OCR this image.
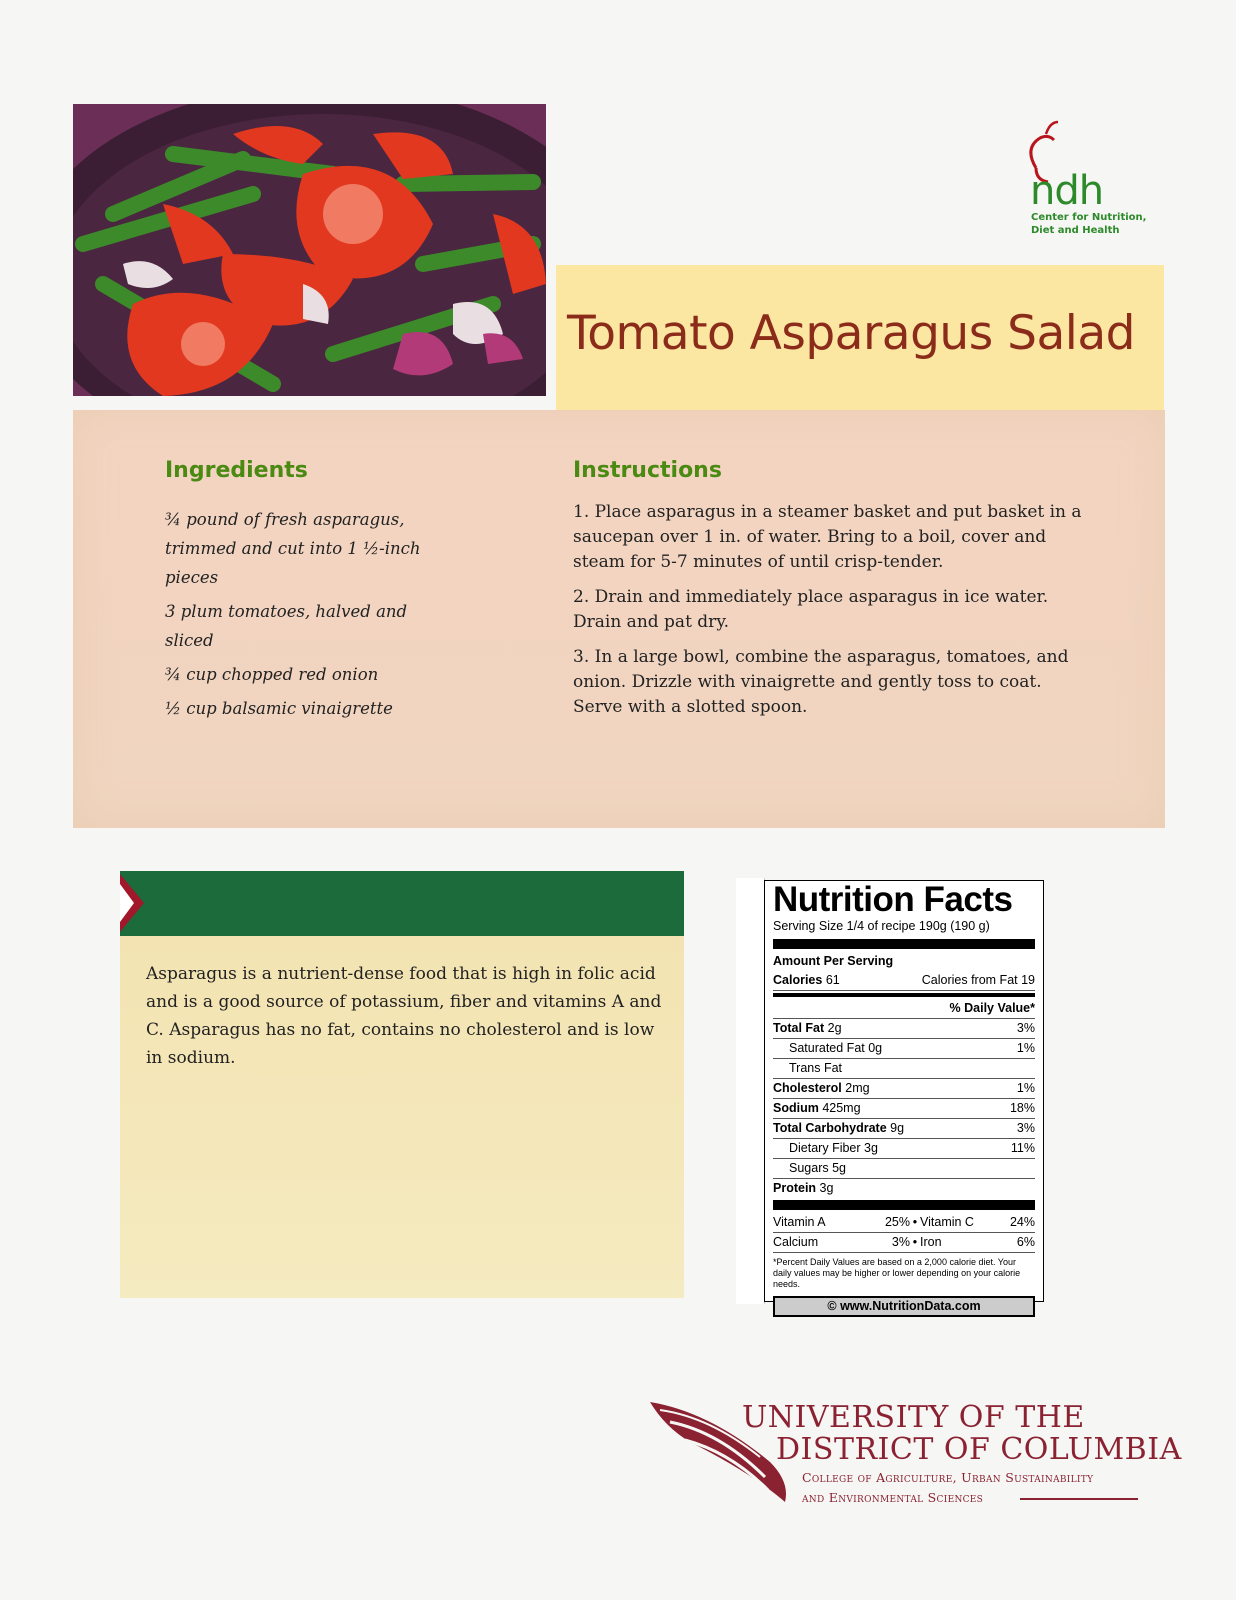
ndh
Center for Nutrition,
Diet and Health
Tomato Asparagus Salad
Ingredients
¾ pound of fresh asparagus, trimmed and cut into 1 ½-inch pieces
3 plum tomatoes, halved and sliced
¾ cup chopped red onion
½ cup balsamic vinaigrette
Instructions

1. Place asparagus in a steamer basket and put basket in a saucepan over 1 in. of water. Bring to a boil, cover and steam for 5-7 minutes of until crisp-tender.

2. Drain and immediately place asparagus in ice water. Drain and pat dry.

3. In a large bowl, combine the asparagus, tomatoes, and onion. Drizzle with vinaigrette and gently toss to coat. Serve with a slotted spoon.

Asparagus is a nutrient-dense food that is high in folic acid and is a good source of potassium, fiber and vitamins A and C. Asparagus has no fat, contains no cholesterol and is low in sodium.
Nutrition Facts
Serving Size 1/4 of recipe 190g (190 g)
Amount Per Serving
Calories 61	Calories from Fat 19
% Daily Value*
Total Fat 2g	3%
Saturated Fat 0g	1%
Trans Fat
Cholesterol 2mg	1%
Sodium 425mg	18%
Total Carbohydrate 9g	3%
Dietary Fiber 3g	11%
Sugars 5g
Protein 3g
Vitamin A	25% • Vitamin C	24%
Calcium	3% • Iron	6%
*Percent Daily Values are based on a 2,000 calorie diet. Your daily values may be higher or lower depending on your calorie needs.
© www.NutritionData.com
UNIVERSITY OF THE
DISTRICT OF COLUMBIA
College of Agriculture, Urban Sustainability
and Environmental Sciences
